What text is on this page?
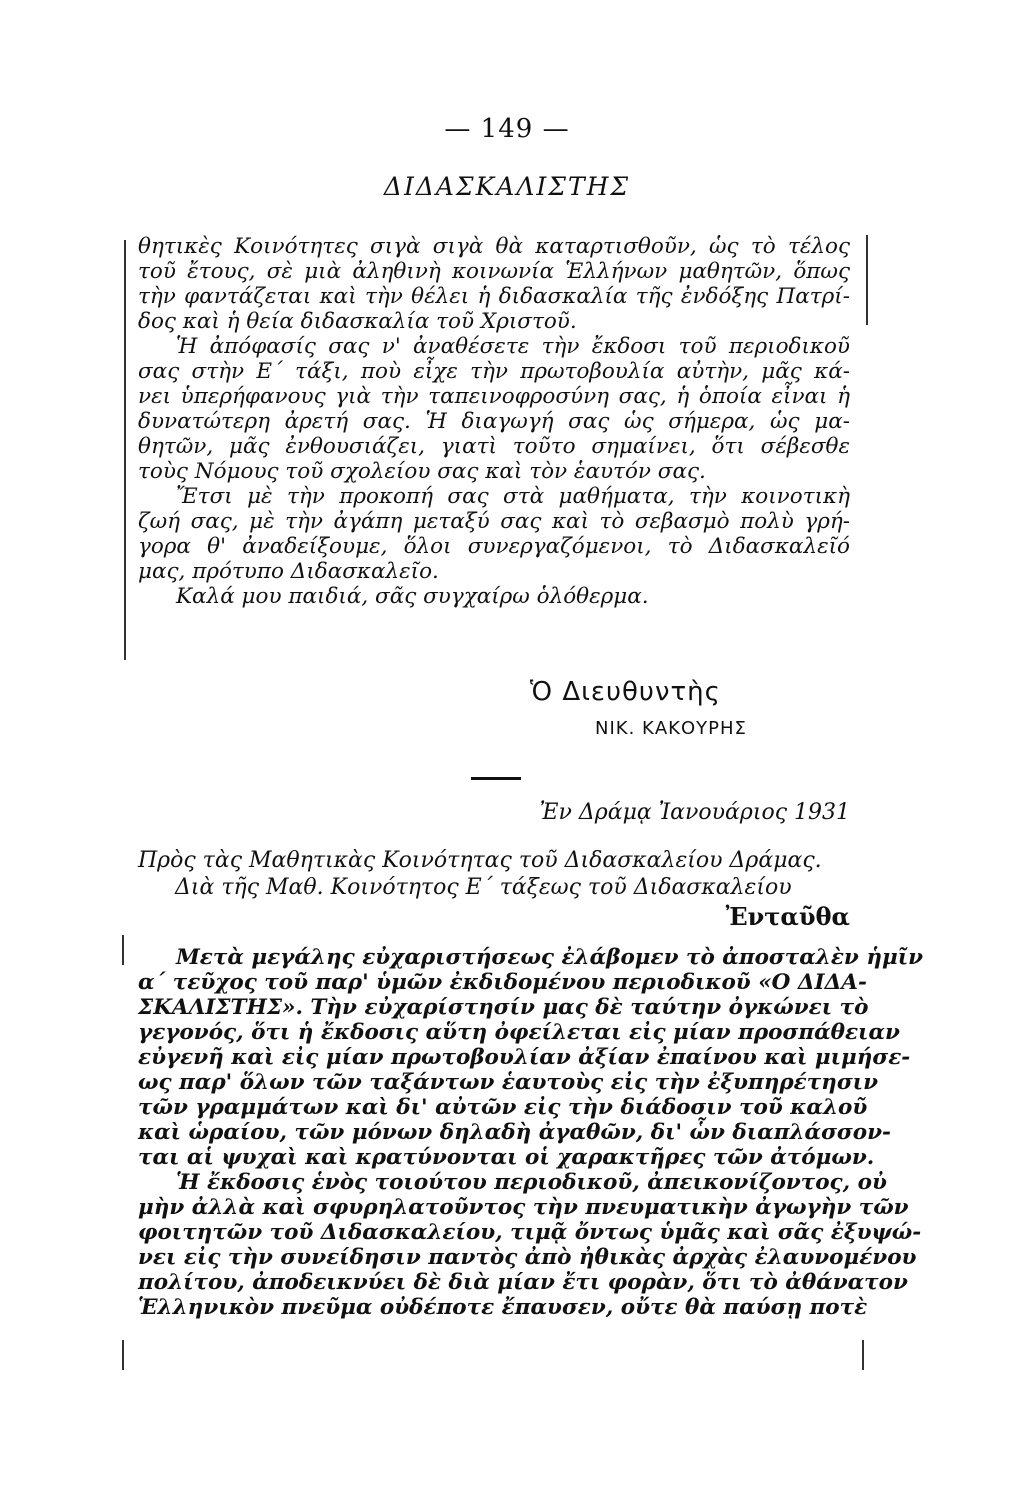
— 149 —
ΔΙΔΑΣΚΑΛΙΣΤΗΣ
θητικὲς Κοινότητες σιγὰ σιγὰ θὰ καταρτισθοῦν, ὡς τὸ τέλος
τοῦ ἔτους, σὲ μιὰ ἀληθινὴ κοινωνία Ἑλλήνων μαθητῶν, ὅπως
τὴν φαντάζεται καὶ τὴν θέλει ἡ διδασκαλία τῆς ἐνδόξης Πατρί-
δος καὶ ἡ θεία διδασκαλία τοῦ Χριστοῦ.
Ἡ ἀπόφασίς σας ν' ἀναθέσετε τὴν ἔκδοσι τοῦ περιοδικοῦ
σας στὴν Ε΄ τάξι, ποὺ εἶχε τὴν πρωτοβουλία αὐτὴν, μᾶς κά-
νει ὑπερήφανους γιὰ τὴν ταπεινοφροσύνη σας, ἡ ὁποία εἶναι ἡ
δυνατώτερη ἀρετή σας. Ἡ διαγωγή σας ὡς σήμερα, ὡς μα-
θητῶν, μᾶς ἐνθουσιάζει, γιατὶ τοῦτο σημαίνει, ὅτι σέβεσθε
τοὺς Νόμους τοῦ σχολείου σας καὶ τὸν ἑαυτόν σας.
Ἔτσι μὲ τὴν προκοπή σας στὰ μαθήματα, τὴν κοινοτικὴ
ζωή σας, μὲ τὴν ἀγάπη μεταξύ σας καὶ τὸ σεβασμὸ πολὺ γρή-
γορα θ' ἀναδείξουμε, ὅλοι συνεργαζόμενοι, τὸ Διδασκαλεῖό
μας, πρότυπο Διδασκαλεῖο.
Καλά μου παιδιά, σᾶς συγχαίρω ὁλόθερμα.
Ὁ Διευθυντὴς
ΝΙΚ. ΚΑΚΟΥΡΗΣ
Ἐν Δράμᾳ Ἰανουάριος 1931
Πρὸς τὰς Μαθητικὰς Κοινότητας τοῦ Διδασκαλείου Δράμας.
Διὰ τῆς Μαθ. Κοινότητος Ε΄ τάξεως τοῦ Διδασκαλείου
Ἐνταῦθα
Μετὰ μεγάλης εὐχαριστήσεως ἐλάβομεν τὸ ἀποσταλὲν ἡμῖν
α΄ τεῦχος τοῦ παρ' ὑμῶν ἐκδιδομένου περιοδικοῦ «Ο ΔΙΔΑ-
ΣΚΑΛΙΣΤΗΣ». Τὴν εὐχαρίστησίν μας δὲ ταύτην ὀγκώνει τὸ
γεγονός, ὅτι ἡ ἔκδοσις αὕτη ὀφείλεται εἰς μίαν προσπάθειαν
εὐγενῆ καὶ εἰς μίαν πρωτοβουλίαν ἀξίαν ἐπαίνου καὶ μιμήσε-
ως παρ' ὅλων τῶν ταξάντων ἑαυτοὺς εἰς τὴν ἐξυπηρέτησιν
τῶν γραμμάτων καὶ δι' αὐτῶν εἰς τὴν διάδοσιν τοῦ καλοῦ
καὶ ὡραίου, τῶν μόνων δηλαδὴ ἀγαθῶν, δι' ὧν διαπλάσσον-
ται αἱ ψυχαὶ καὶ κρατύνονται οἱ χαρακτῆρες τῶν ἀτόμων.
Ἡ ἔκδοσις ἑνὸς τοιούτου περιοδικοῦ, ἀπεικονίζοντος, οὐ
μὴν ἀλλὰ καὶ σφυρηλατοῦντος τὴν πνευματικὴν ἀγωγὴν τῶν
φοιτητῶν τοῦ Διδασκαλείου, τιμᾷ ὄντως ὑμᾶς καὶ σᾶς ἐξυψώ-
νει εἰς τὴν συνείδησιν παντὸς ἀπὸ ἠθικὰς ἀρχὰς ἐλαυνομένου
πολίτου, ἀποδεικνύει δὲ διὰ μίαν ἔτι φορὰν, ὅτι τὸ ἀθάνατον
Ἑλληνικὸν πνεῦμα οὐδέποτε ἔπαυσεν, οὔτε θὰ παύσῃ ποτὲ
